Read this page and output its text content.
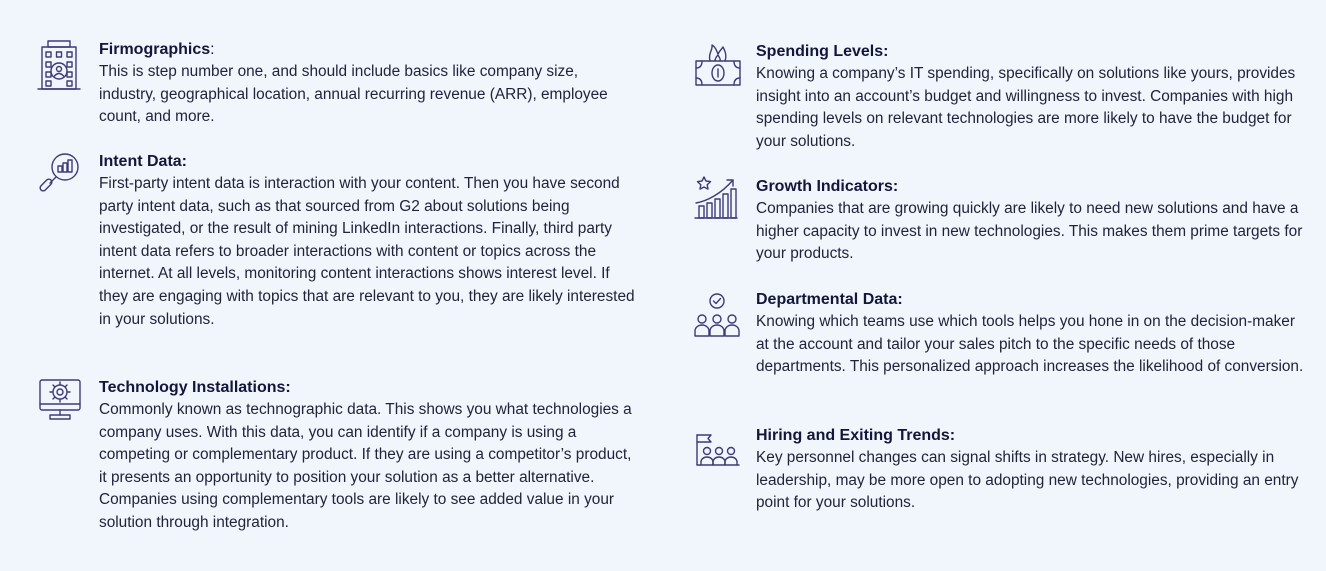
Firmographics:
This is step number one, and should include basics like company size, industry, geographical location, annual recurring revenue (ARR), employee count, and more.
Intent Data:
First-party intent data is interaction with your content. Then you have second party intent data, such as that sourced from G2 about solutions being investigated, or the result of mining LinkedIn interactions. Finally, third party intent data refers to broader interactions with content or topics across the internet. At all levels, monitoring content interactions shows interest level. If they are engaging with topics that are relevant to you, they are likely interested in your solutions.
Technology Installations:
Commonly known as technographic data. This shows you what technologies a company uses. With this data, you can identify if a company is using a competing or complementary product. If they are using a competitor’s product, it presents an opportunity to position your solution as a better alternative. Companies using complementary tools are likely to see added value in your solution through integration.
Spending Levels:
Knowing a company’s IT spending, specifically on solutions like yours, provides insight into an account’s budget and willingness to invest. Companies with high spending levels on relevant technologies are more likely to have the budget for your solutions.
Growth Indicators:
Companies that are growing quickly are likely to need new solutions and have a higher capacity to invest in new technologies. This makes them prime targets for your products.
Departmental Data:
Knowing which teams use which tools helps you hone in on the decision-maker at the account and tailor your sales pitch to the specific needs of those departments. This personalized approach increases the likelihood of conversion.
Hiring and Exiting Trends:
Key personnel changes can signal shifts in strategy. New hires, especially in leadership, may be more open to adopting new technologies, providing an entry point for your solutions.
